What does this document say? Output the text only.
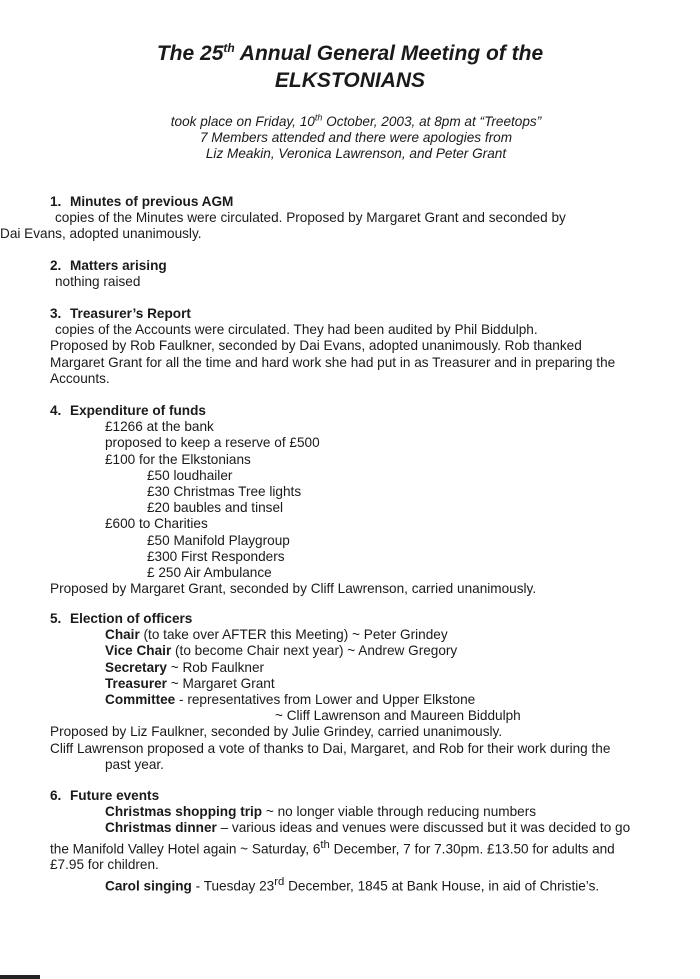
The 25th Annual General Meeting of the
ELKSTONIANS
took place on Friday, 10th October, 2003, at 8pm at “Treetops”
7 Members attended and there were apologies from
Liz Meakin, Veronica Lawrenson, and Peter Grant
1. Minutes of previous AGM
copies of the Minutes were circulated. Proposed by Margaret Grant and seconded by
Dai Evans, adopted unanimously.
2. Matters arising
nothing raised
3. Treasurer’s Report
copies of the Accounts were circulated. They had been audited by Phil Biddulph.
Proposed by Rob Faulkner, seconded by Dai Evans, adopted unanimously. Rob thanked
Margaret Grant for all the time and hard work she had put in as Treasurer and in preparing the
Accounts.
4. Expenditure of funds
£1266 at the bank
proposed to keep a reserve of £500
£100 for the Elkstonians
£50 loudhailer
£30 Christmas Tree lights
£20 baubles and tinsel
£600 to Charities
£50 Manifold Playgroup
£300 First Responders
£ 250 Air Ambulance
Proposed by Margaret Grant, seconded by Cliff Lawrenson, carried unanimously.
5. Election of officers
Chair (to take over AFTER this Meeting) ~ Peter Grindey
Vice Chair (to become Chair next year) ~ Andrew Gregory
Secretary ~ Rob Faulkner
Treasurer ~ Margaret Grant
Committee - representatives from Lower and Upper Elkstone
~ Cliff Lawrenson and Maureen Biddulph
Proposed by Liz Faulkner, seconded by Julie Grindey, carried unanimously.
Cliff Lawrenson proposed a vote of thanks to Dai, Margaret, and Rob for their work during the
past year.
6. Future events
Christmas shopping trip ~ no longer viable through reducing numbers
Christmas dinner – various ideas and venues were discussed but it was decided to go
the Manifold Valley Hotel again ~ Saturday, 6th December, 7 for 7.30pm. £13.50 for adults and
£7.95 for children.
Carol singing - Tuesday 23rd December, 1845 at Bank House, in aid of Christie’s.
